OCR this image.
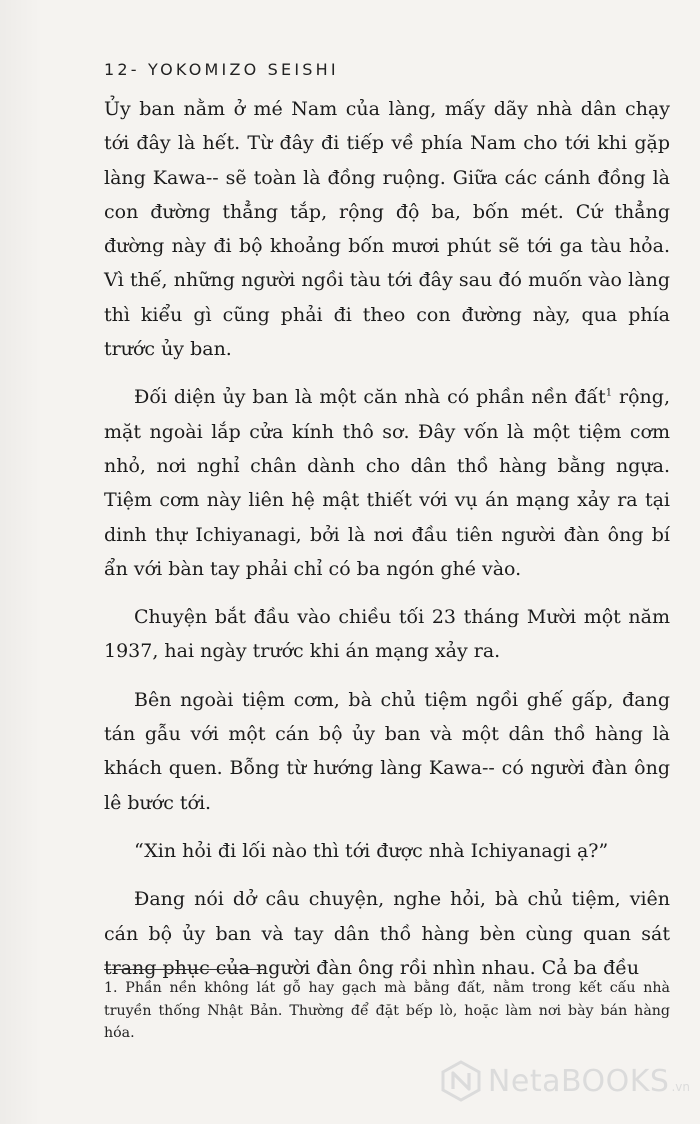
12- YOKOMIZO SEISHI

Ủy ban nằm ở mé Nam của làng, mấy dãy nhà dân chạy tới đây là hết. Từ đây đi tiếp về phía Nam cho tới khi gặp làng Kawa-- sẽ toàn là đồng ruộng. Giữa các cánh đồng là con đường thẳng tắp, rộng độ ba, bốn mét. Cứ thẳng đường này đi bộ khoảng bốn mươi phút sẽ tới ga tàu hỏa. Vì thế, những người ngồi tàu tới đây sau đó muốn vào làng thì kiểu gì cũng phải đi theo con đường này, qua phía trước ủy ban.

Đối diện ủy ban là một căn nhà có phần nền đất$^1$ rộng, mặt ngoài lắp cửa kính thô sơ. Đây vốn là một tiệm cơm nhỏ, nơi nghỉ chân dành cho dân thồ hàng bằng ngựa. Tiệm cơm này liên hệ mật thiết với vụ án mạng xảy ra tại dinh thự Ichiyanagi, bởi là nơi đầu tiên người đàn ông bí ẩn với bàn tay phải chỉ có ba ngón ghé vào.

Chuyện bắt đầu vào chiều tối 23 tháng Mười một năm 1937, hai ngày trước khi án mạng xảy ra.

Bên ngoài tiệm cơm, bà chủ tiệm ngồi ghế gấp, đang tán gẫu với một cán bộ ủy ban và một dân thồ hàng là khách quen. Bỗng từ hướng làng Kawa-- có người đàn ông lê bước tới.

“Xin hỏi đi lối nào thì tới được nhà Ichiyanagi ạ?”

Đang nói dở câu chuyện, nghe hỏi, bà chủ tiệm, viên cán bộ ủy ban và tay dân thồ hàng bèn cùng quan sát trang phục của người đàn ông rồi nhìn nhau. Cả ba đều

1. Phần nền không lát gỗ hay gạch mà bằng đất, nằm trong kết cấu nhà truyền thống Nhật Bản. Thường để đặt bếp lò, hoặc làm nơi bày bán hàng hóa.
NetaBOOKS .vn
